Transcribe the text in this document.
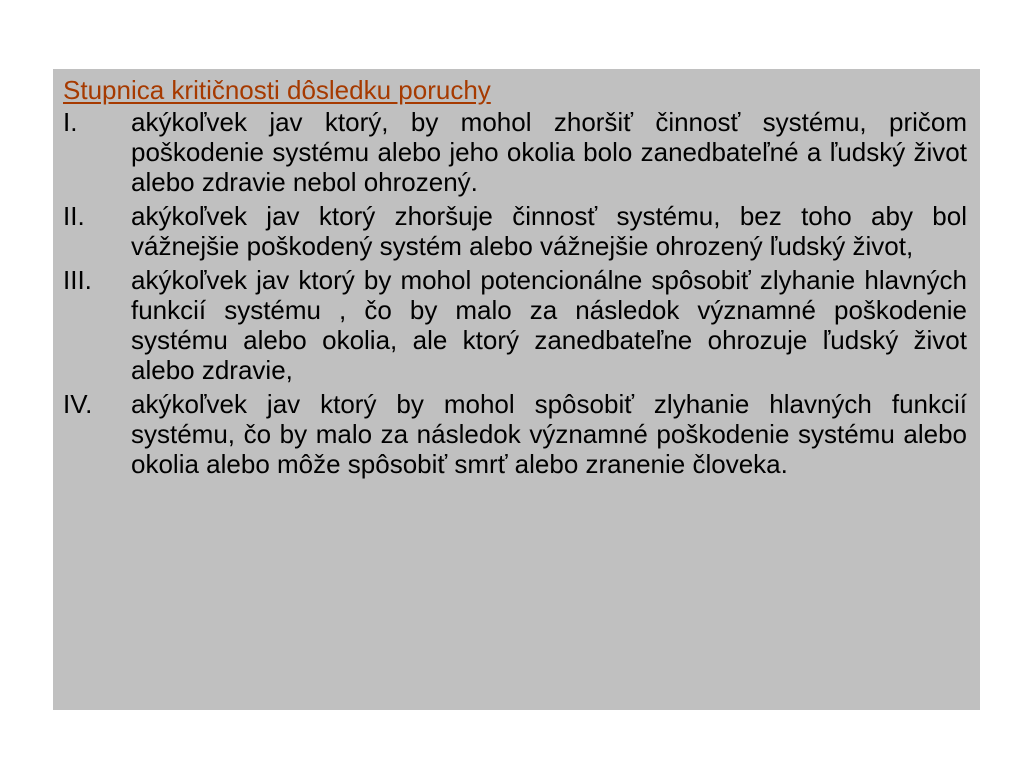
Stupnica kritičnosti dôsledku poruchy
I.	akýkoľvek jav ktorý, by mohol zhoršiť činnosť systému, pričom poškodenie systému alebo jeho okolia bolo zanedbateľné a ľudský život alebo zdravie nebol ohrozený.
II.	akýkoľvek jav ktorý zhoršuje činnosť systému, bez toho aby bol vážnejšie poškodený systém alebo vážnejšie ohrozený ľudský život,
III.	akýkoľvek jav ktorý by mohol potencionálne spôsobiť zlyhanie hlavných funkcií systému , čo by malo za následok významné poškodenie systému alebo okolia, ale ktorý zanedbateľne ohrozuje ľudský život alebo zdravie,
IV.	akýkoľvek jav ktorý by mohol spôsobiť zlyhanie hlavných funkcií systému, čo by malo za následok významné poškodenie systému alebo okolia alebo môže spôsobiť smrť alebo zranenie človeka.
